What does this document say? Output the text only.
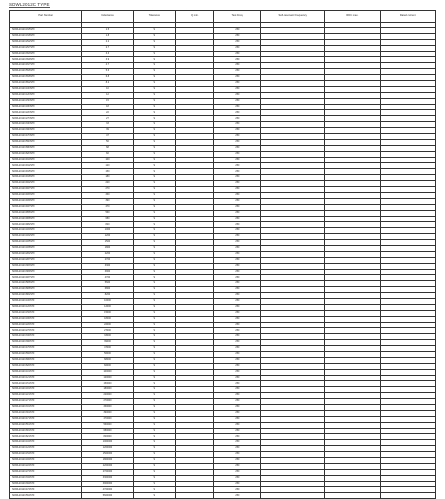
SDWL2012C TYPE
Part Number	Inductance	Tolerance	Q min.	Test Freq.	Self-resonant Frequency	RDC max.	Rated current

SDWL2012C1N5STF	1.5	S		250			
SDWL2012C1N8STF	1.8	S		250			
SDWL2012C2N2STF	2.2	S		250			
SDWL2012C2N7STF	2.7	S		250			
SDWL2012C3N3STF	3.3	S		250			
SDWL2012C3N9STF	3.9	S		250			
SDWL2012C4N7STF	4.7	S		250			
SDWL2012C5N6STF	5.6	S		250			
SDWL2012C6N8STF	6.8	S		250			
SDWL2012C8N2STF	8.2	S		250			
SDWL2012C10NSTF	10	S		250			
SDWL2012C12NSTF	12	S		250			
SDWL2012C15NSTF	15	S		250			
SDWL2012C18NSTF	18	S		250			
SDWL2012C22NSTF	22	S		250			
SDWL2012C27NSTF	27	S		250			
SDWL2012C33NSTF	33	S		250			
SDWL2012C39NSTF	39	S		250			
SDWL2012C47NSTF	47	S		250			
SDWL2012C56NSTF	56	S		250			
SDWL2012C68NSTF	68	S		250			
SDWL2012C82NSTF	82	S		250			
SDWL2012CR10STF	100	S		250			
SDWL2012CR12STF	120	S		250			
SDWL2012CR15STF	150	S		250			
SDWL2012CR18STF	180	S		250			
SDWL2012CR22STF	220	S		250			
SDWL2012CR27STF	270	S		250			
SDWL2012CR33STF	330	S		250			
SDWL2012CR39STF	390	S		250			
SDWL2012CR47STF	470	S		250			
SDWL2012CR56STF	560	S		250			
SDWL2012CR68STF	680	S		250			
SDWL2012CR82STF	820	S		250			
SDWL2012C1R0STF	1000	S		250			
SDWL2012C1R2STF	1200	S		250			
SDWL2012C1R5STF	1500	S		250			
SDWL2012C1R8STF	1800	S		250			
SDWL2012C2R2STF	2200	S		250			
SDWL2012C2R7STF	2700	S		250			
SDWL2012C3R3STF	3300	S		250			
SDWL2012C3R9STF	3900	S		250			
SDWL2012C4R7STF	4700	S		250			
SDWL2012C5R6STF	5600	S		250			
SDWL2012C6R8STF	6800	S		250			
SDWL2012C8R2STF	8200	S		250			
SDWL2012C100STF	10000	S		250			
SDWL2012C120STF	12000	S		250			
SDWL2012C150STF	15000	S		250			
SDWL2012C180STF	18000	S		250			
SDWL2012C220STF	22000	S		250			
SDWL2012C270STF	27000	S		250			
SDWL2012C330STF	33000	S		250			
SDWL2012C390STF	39000	S		250			
SDWL2012C470STF	47000	S		250			
SDWL2012C560STF	56000	S		250			
SDWL2012C680STF	68000	S		250			
SDWL2012C820STF	82000	S		250			
SDWL2012C101STF	100000	S		250			
SDWL2012C121STF	120000	S		250			
SDWL2012C151STF	150000	S		250			
SDWL2012C181STF	180000	S		250			
SDWL2012C221STF	220000	S		250			
SDWL2012C271STF	270000	S		250			
SDWL2012C331STF	330000	S		250			
SDWL2012C391STF	390000	S		250			
SDWL2012C471STF	470000	S		250			
SDWL2012C561STF	560000	S		250			
SDWL2012C681STF	680000	S		250			
SDWL2012C821STF	820000	S		250			
SDWL2012C102STF	1000000	S		250			
SDWL2012C122STF	1200000	S		250			
SDWL2012C152STF	1500000	S		250			
SDWL2012C182STF	1800000	S		250			
SDWL2012C222STF	2200000	S		250			
SDWL2012C272STF	2700000	S		250			
SDWL2012C332STF	3300000	S		250			
SDWL2012C392STF	3900000	S		250			
SDWL2012C472STF	4700000	S		250			
SDWL2012C562STF	5600000	S		250			
